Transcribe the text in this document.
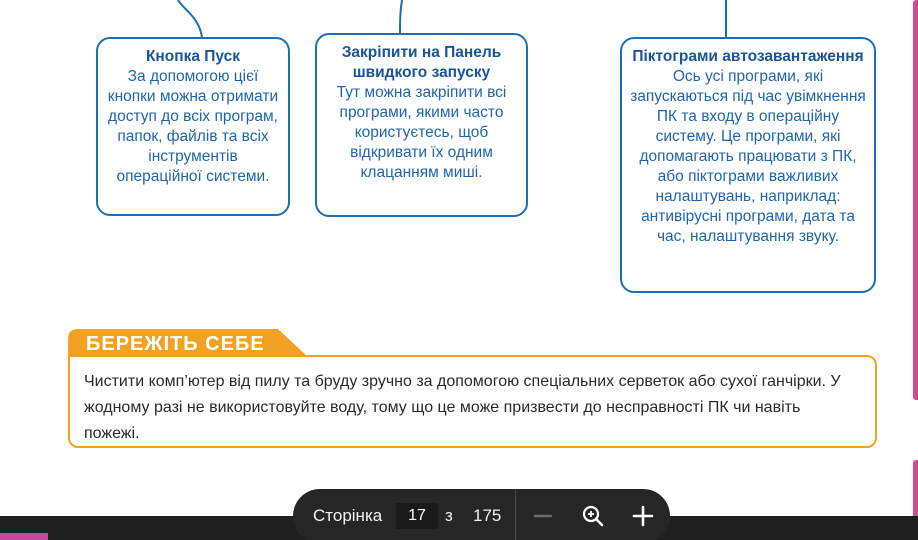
Кнопка Пуск
За допомогою цієї кнопки можна отримати доступ до всіх програм, папок, файлів та всіх інструментів операційної системи.
Закріпити на Панель швидкого запуску
Тут можна закріпити всі програми, якими часто користуєтесь, щоб відкривати їх одним клацанням миші.
Піктограми автозавантаження
Ось усі програми, які запускаються під час увімкнення ПК та входу в операційну систему. Це програми, які допомагають працювати з ПК, або піктограми важливих налаштувань, наприклад: антивірусні програми, дата та час, налаштування звуку.
БЕРЕЖІТЬ СЕБЕ
Чистити комп’ютер від пилу та бруду зручно за допомогою спеціальних серветок або сухої ганчірки. У жодному разі не використовуйте воду, тому що це може призвести до несправності ПК чи навіть пожежі.
Сторінка
17	з 175
